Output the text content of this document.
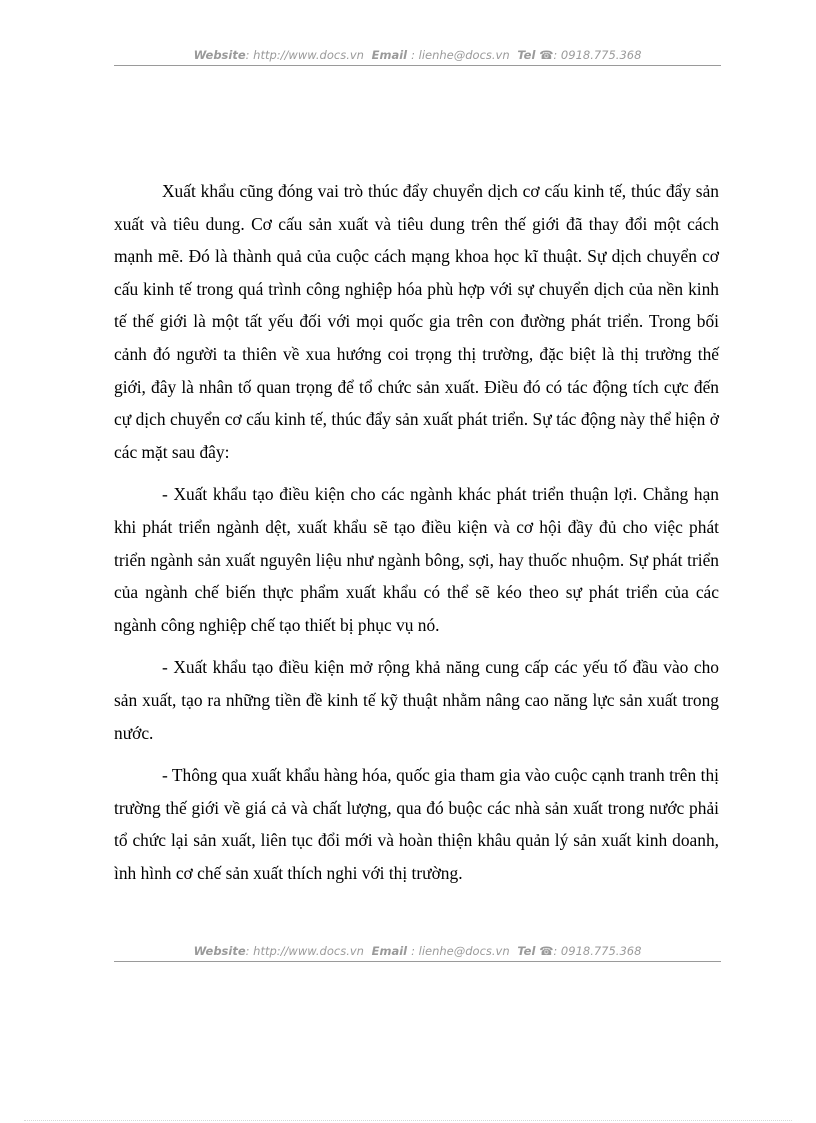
Website: http://www.docs.vn Email : lienhe@docs.vn Tel ☎: 0918.775.368

Xuất khẩu cũng đóng vai trò thúc đẩy chuyển dịch cơ cấu kinh tế, thúc đẩy sản xuất và tiêu dung. Cơ cấu sản xuất và tiêu dung trên thế giới đã thay đổi một cách mạnh mẽ. Đó là thành quả của cuộc cách mạng khoa học kĩ thuật. Sự dịch chuyển cơ cấu kinh tế trong quá trình công nghiệp hóa phù hợp với sự chuyển dịch của nền kinh tế thế giới là một tất yếu đối với mọi quốc gia trên con đường phát triển. Trong bối cảnh đó người ta thiên về xua hướng coi trọng thị trường, đặc biệt là thị trường thế giới, đây là nhân tố quan trọng để tổ chức sản xuất. Điều đó có tác động tích cực đến cự dịch chuyển cơ cấu kinh tế, thúc đẩy sản xuất phát triển. Sự tác động này thể hiện ở các mặt sau đây:

- Xuất khẩu tạo điều kiện cho các ngành khác phát triển thuận lợi. Chẳng hạn khi phát triển ngành dệt, xuất khẩu sẽ tạo điều kiện và cơ hội đầy đủ cho việc phát triển ngành sản xuất nguyên liệu như ngành bông, sợi, hay thuốc nhuộm. Sự phát triển của ngành chế biến thực phẩm xuất khẩu có thể sẽ kéo theo sự phát triển của các ngành công nghiệp chế tạo thiết bị phục vụ nó.

- Xuất khẩu tạo điều kiện mở rộng khả năng cung cấp các yếu tố đầu vào cho sản xuất, tạo ra những tiền đề kinh tế kỹ thuật nhằm nâng cao năng lực sản xuất trong nước.

- Thông qua xuất khẩu hàng hóa, quốc gia tham gia vào cuộc cạnh tranh trên thị trường thế giới về giá cả và chất lượng, qua đó buộc các nhà sản xuất trong nước phải tổ chức lại sản xuất, liên tục đổi mới và hoàn thiện khâu quản lý sản xuất kinh doanh, ình hình cơ chế sản xuất thích nghi với thị trường.

Website: http://www.docs.vn Email : lienhe@docs.vn Tel ☎: 0918.775.368
